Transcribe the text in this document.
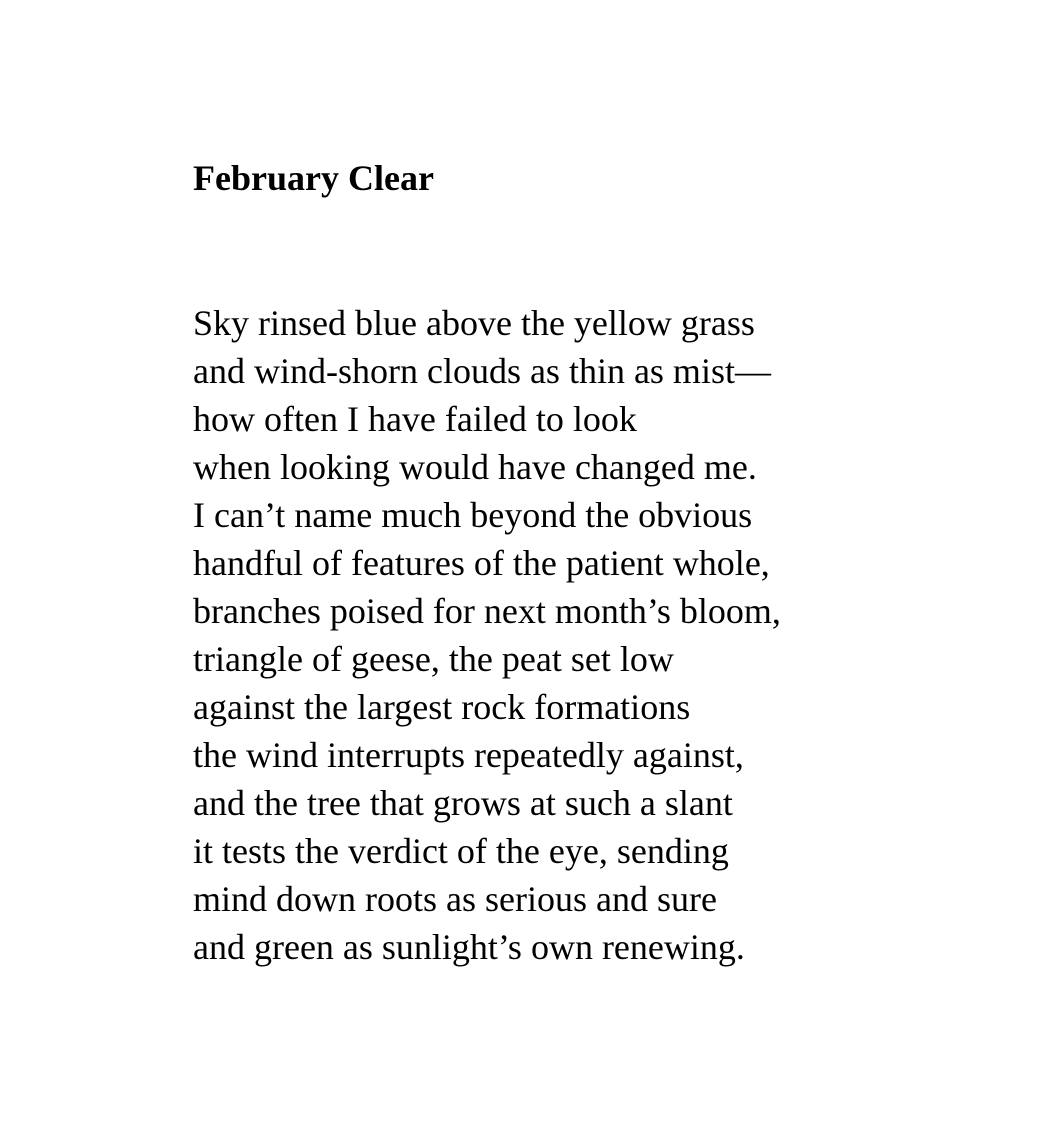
February Clear
Sky rinsed blue above the yellow grass
and wind-shorn clouds as thin as mist—
how often I have failed to look
when looking would have changed me.
I can’t name much beyond the obvious
handful of features of the patient whole,
branches poised for next month’s bloom,
triangle of geese, the peat set low
against the largest rock formations
the wind interrupts repeatedly against,
and the tree that grows at such a slant
it tests the verdict of the eye, sending
mind down roots as serious and sure
and green as sunlight’s own renewing.
